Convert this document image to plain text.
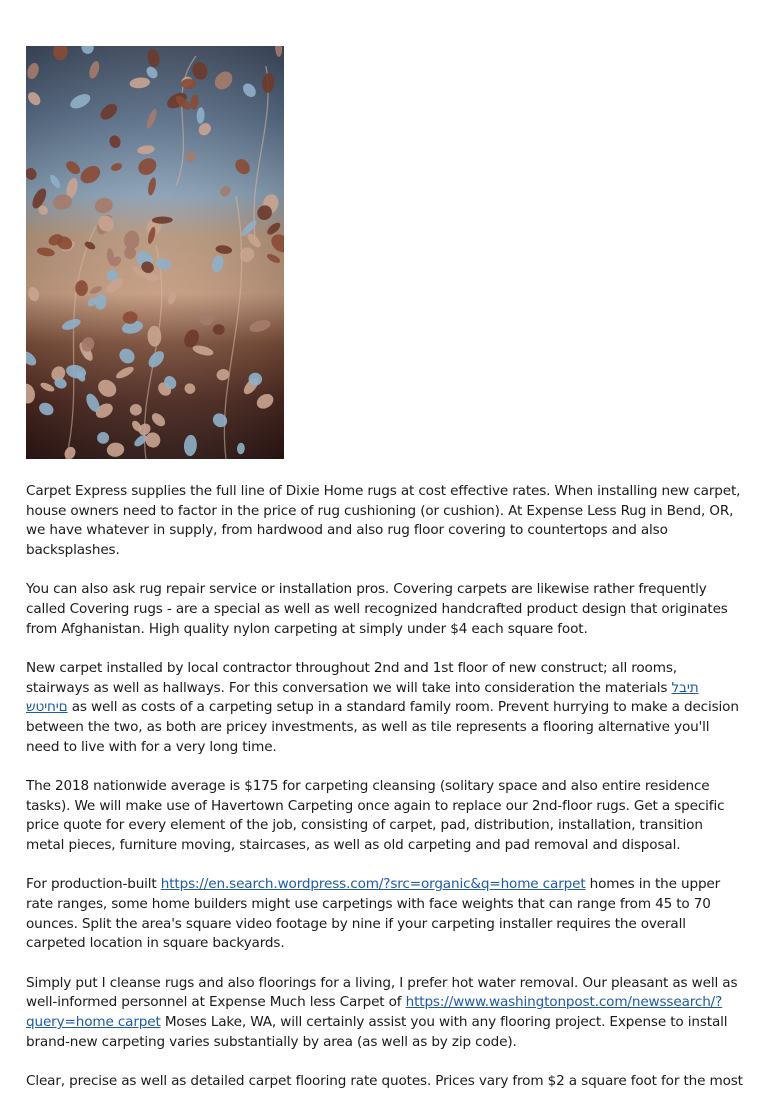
Carpet Express supplies the full line of Dixie Home rugs at cost effective rates. When installing new carpet, house owners need to factor in the price of rug cushioning (or cushion). At Expense Less Rug in Bend, OR, we have whatever in supply, from hardwood and also rug floor covering to countertops and also backsplashes.

You can also ask rug repair service or installation pros. Covering carpets are likewise rather frequently called Covering rugs - are a special as well as well recognized handcrafted product design that originates from Afghanistan. High quality nylon carpeting at simply under $4 each square foot.

New carpet installed by local contractor throughout 2nd and 1st floor of new construct; all rooms, stairways as well as hallways. For this conversation we will take into consideration the materials תיבל םיחיטש as well as costs of a carpeting setup in a standard family room. Prevent hurrying to make a decision between the two, as both are pricey investments, as well as tile represents a flooring alternative you'll need to live with for a very long time.

The 2018 nationwide average is $175 for carpeting cleansing (solitary space and also entire residence tasks). We will make use of Havertown Carpeting once again to replace our 2nd-floor rugs. Get a specific price quote for every element of the job, consisting of carpet, pad, distribution, installation, transition metal pieces, furniture moving, staircases, as well as old carpeting and pad removal and disposal.

For production-built https://en.search.wordpress.com/?src=organic&q=home carpet homes in the upper rate ranges, some home builders might use carpetings with face weights that can range from 45 to 70 ounces. Split the area's square video footage by nine if your carpeting installer requires the overall carpeted location in square backyards.

Simply put I cleanse rugs and also floorings for a living, I prefer hot water removal. Our pleasant as well as well-informed personnel at Expense Much less Carpet of https://www.washingtonpost.com/newssearch/?query=home carpet Moses Lake, WA, will certainly assist you with any flooring project. Expense to install brand-new carpeting varies substantially by area (as well as by zip code).

Clear, precise as well as detailed carpet flooring rate quotes. Prices vary from $2 a square foot for the most
